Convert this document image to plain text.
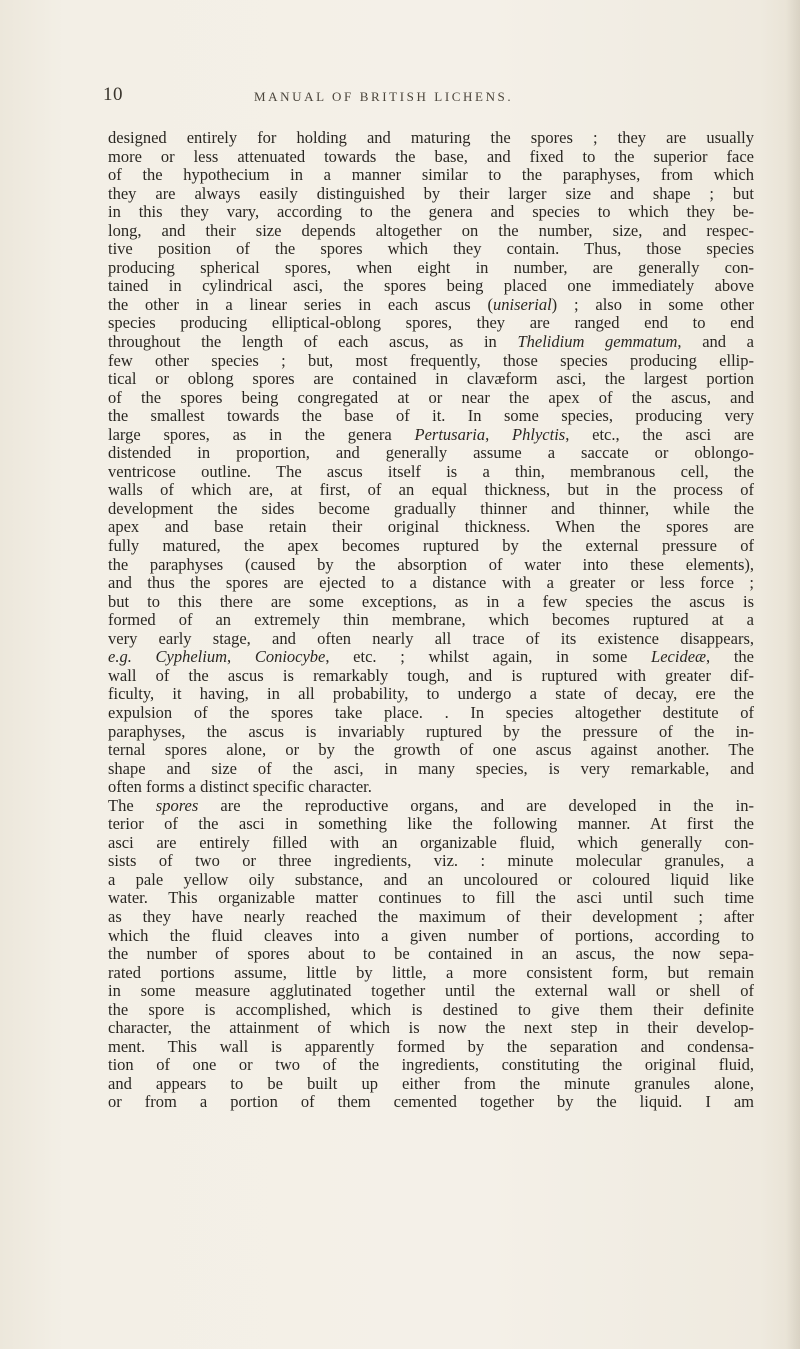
10	MANUAL OF BRITISH LICHENS.
designed entirely for holding and maturing the spores ; they are usually
more or less attenuated towards the base, and fixed to the superior face
of the hypothecium in a manner similar to the paraphyses, from which
they are always easily distinguished by their larger size and shape ; but
in this they vary, according to the genera and species to which they be-
long, and their size depends altogether on the number, size, and respec-
tive position of the spores which they contain. Thus, those species
producing spherical spores, when eight in number, are generally con-
tained in cylindrical asci, the spores being placed one immediately above
the other in a linear series in each ascus (uniserial) ; also in some other
species producing elliptical-oblong spores, they are ranged end to end
throughout the length of each ascus, as in Thelidium gemmatum, and a
few other species ; but, most frequently, those species producing ellip-
tical or oblong spores are contained in clavæform asci, the largest portion
of the spores being congregated at or near the apex of the ascus, and
the smallest towards the base of it. In some species, producing very
large spores, as in the genera Pertusaria, Phlyctis, etc., the asci are
distended in proportion, and generally assume a saccate or oblongo-
ventricose outline. The ascus itself is a thin, membranous cell, the
walls of which are, at first, of an equal thickness, but in the process of
development the sides become gradually thinner and thinner, while the
apex and base retain their original thickness. When the spores are
fully matured, the apex becomes ruptured by the external pressure of
the paraphyses (caused by the absorption of water into these elements),
and thus the spores are ejected to a distance with a greater or less force ;
but to this there are some exceptions, as in a few species the ascus is
formed of an extremely thin membrane, which becomes ruptured at a
very early stage, and often nearly all trace of its existence disappears,
e.g. Cyphelium, Coniocybe, etc. ; whilst again, in some Lecideæ, the
wall of the ascus is remarkably tough, and is ruptured with greater dif-
ficulty, it having, in all probability, to undergo a state of decay, ere the
expulsion of the spores take place. . In species altogether destitute of
paraphyses, the ascus is invariably ruptured by the pressure of the in-
ternal spores alone, or by the growth of one ascus against another. The
shape and size of the asci, in many species, is very remarkable, and
often forms a distinct specific character.
The spores are the reproductive organs, and are developed in the in-
terior of the asci in something like the following manner. At first the
asci are entirely filled with an organizable fluid, which generally con-
sists of two or three ingredients, viz. : minute molecular granules, a
a pale yellow oily substance, and an uncoloured or coloured liquid like
water. This organizable matter continues to fill the asci until such time
as they have nearly reached the maximum of their development ; after
which the fluid cleaves into a given number of portions, according to
the number of spores about to be contained in an ascus, the now sepa-
rated portions assume, little by little, a more consistent form, but remain
in some measure agglutinated together until the external wall or shell of
the spore is accomplished, which is destined to give them their definite
character, the attainment of which is now the next step in their develop-
ment. This wall is apparently formed by the separation and condensa-
tion of one or two of the ingredients, constituting the original fluid,
and appears to be built up either from the minute granules alone,
or from a portion of them cemented together by the liquid. I am
